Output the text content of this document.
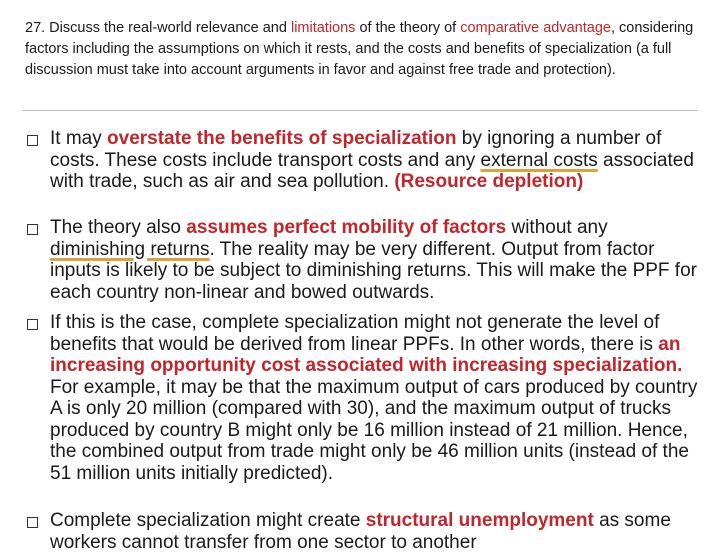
27. Discuss the real-world relevance and limitations of the theory of comparative advantage, considering factors including the assumptions on which it rests, and the costs and benefits of specialization (a full discussion must take into account arguments in favor and against free trade and protection).
It may overstate the benefits of specialization by ignoring a number of costs. These costs include transport costs and any external costs associated with trade, such as air and sea pollution. (Resource depletion)
The theory also assumes perfect mobility of factors without any diminishing returns. The reality may be very different. Output from factor inputs is likely to be subject to diminishing returns. This will make the PPF for each country non-linear and bowed outwards.
If this is the case, complete specialization might not generate the level of benefits that would be derived from linear PPFs. In other words, there is an increasing opportunity cost associated with increasing specialization. For example, it may be that the maximum output of cars produced by country A is only 20 million (compared with 30), and the maximum output of trucks produced by country B might only be 16 million instead of 21 million. Hence, the combined output from trade might only be 46 million units (instead of the 51 million units initially predicted).
Complete specialization might create structural unemployment as some workers cannot transfer from one sector to another
